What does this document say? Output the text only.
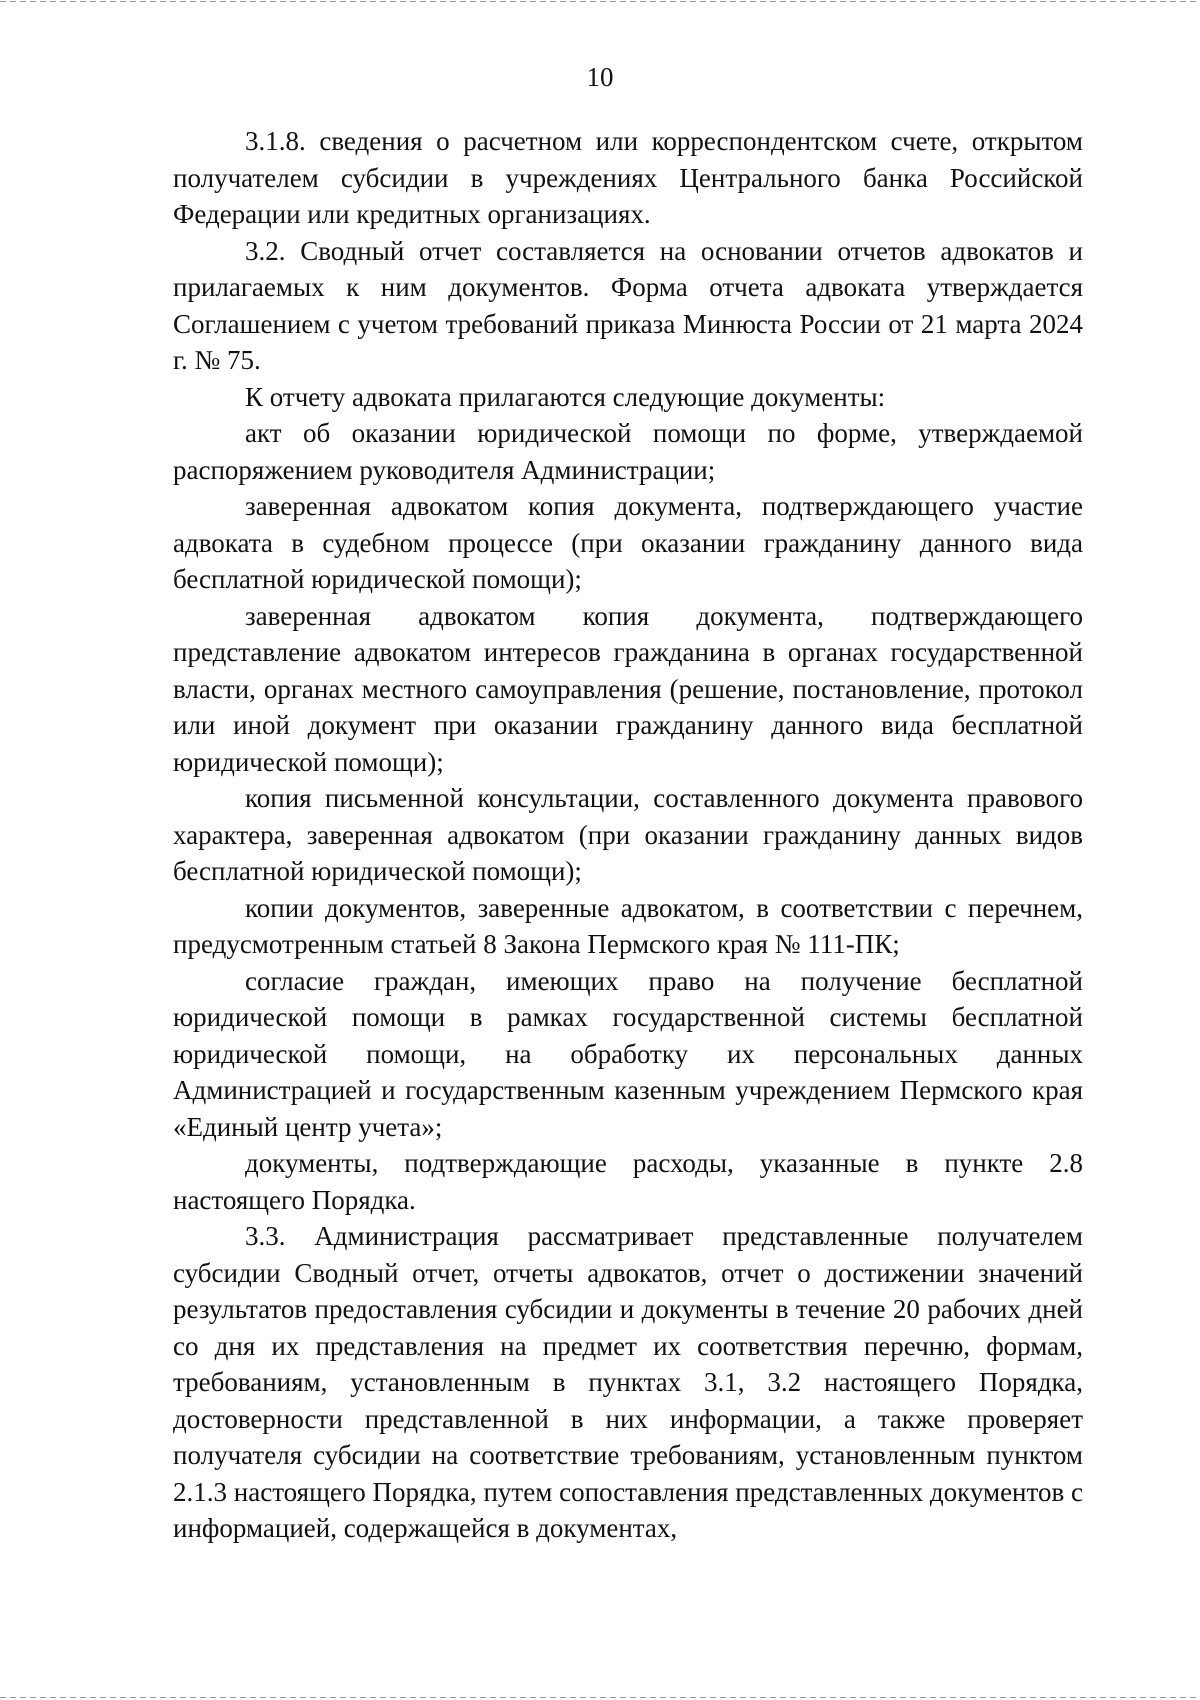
10

3.1.8. сведения о расчетном или корреспондентском счете, открытом получателем субсидии в учреждениях Центрального банка Российской Федерации или кредитных организациях.

3.2. Сводный отчет составляется на основании отчетов адвокатов и прилагаемых к ним документов. Форма отчета адвоката утверждается Соглашением с учетом требований приказа Минюста России от 21 марта 2024 г. № 75.

К отчету адвоката прилагаются следующие документы:

акт об оказании юридической помощи по форме, утверждаемой распоряжением руководителя Администрации;

заверенная адвокатом копия документа, подтверждающего участие адвоката в судебном процессе (при оказании гражданину данного вида бесплатной юридической помощи);

заверенная адвокатом копия документа, подтверждающего представление адвокатом интересов гражданина в органах государственной власти, органах местного самоуправления (решение, постановление, протокол или иной документ при оказании гражданину данного вида бесплатной юридической помощи);

копия письменной консультации, составленного документа правового характера, заверенная адвокатом (при оказании гражданину данных видов бесплатной юридической помощи);

копии документов, заверенные адвокатом, в соответствии с перечнем, предусмотренным статьей 8 Закона Пермского края № 111-ПК;

согласие граждан, имеющих право на получение бесплатной юридической помощи в рамках государственной системы бесплатной юридической помощи, на обработку их персональных данных Администрацией и государственным казенным учреждением Пермского края «Единый центр учета»;

документы, подтверждающие расходы, указанные в пункте 2.8 настоящего Порядка.

3.3. Администрация рассматривает представленные получателем субсидии Сводный отчет, отчеты адвокатов, отчет о достижении значений результатов предоставления субсидии и документы в течение 20 рабочих дней со дня их представления на предмет их соответствия перечню, формам, требованиям, установленным в пунктах 3.1, 3.2 настоящего Порядка, достоверности представленной в них информации, а также проверяет получателя субсидии на соответствие требованиям, установленным пунктом 2.1.3 настоящего Порядка, путем сопоставления представленных документов с информацией, содержащейся в документах,
